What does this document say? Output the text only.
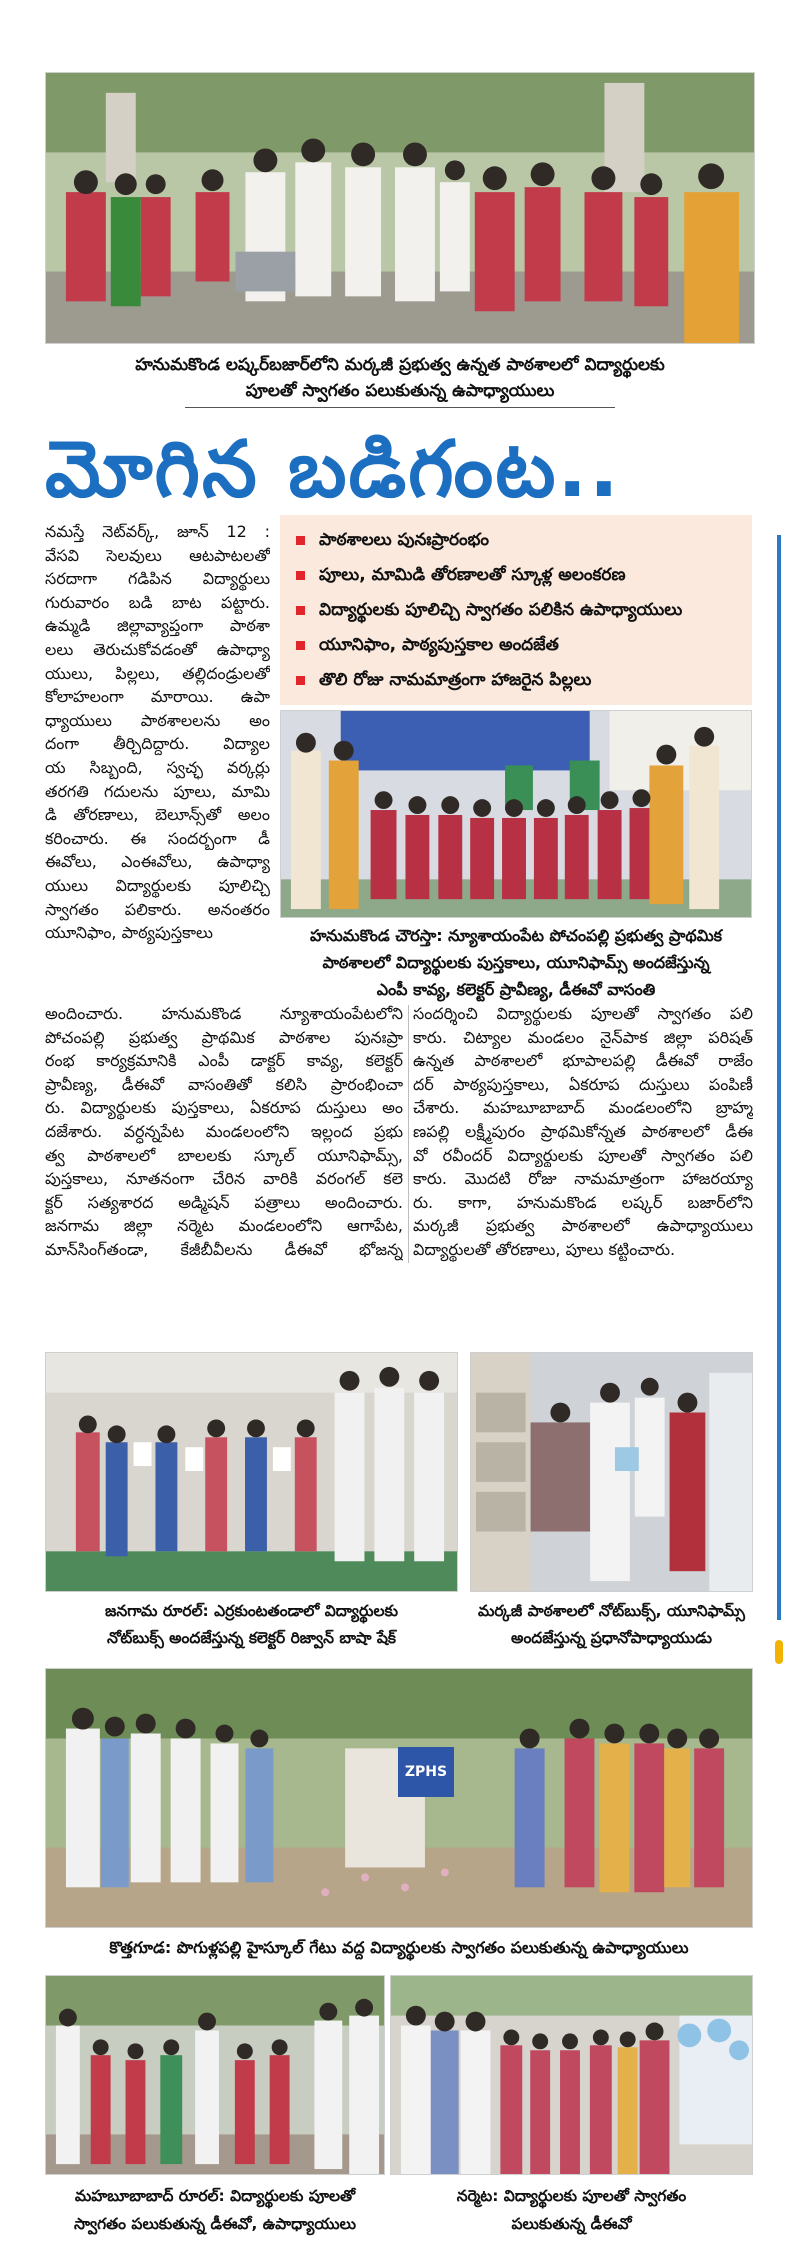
హనుమకొండ లష్కర్‌బజార్‌లోని మర్కజీ ప్రభుత్వ ఉన్నత పాఠశాలలో విద్యార్థులకు
పూలతో స్వాగతం పలుకుతున్న ఉపాధ్యాయులు
మోగిన బడిగంట..
నమస్తే నెట్‌వర్క్‌, జూన్‌ 12 :
వేసవి సెలవులు ఆటపాటలతో
సరదాగా గడిపిన విద్యార్థులు
గురువారం బడి బాట పట్టారు.
ఉమ్మడి జిల్లావ్యాప్తంగా పాఠశా
లలు తెరుచుకోవడంతో ఉపాధ్యా
యులు, పిల్లలు, తల్లిదండ్రులతో
కోలాహలంగా మారాయి. ఉపా
ధ్యాయులు పాఠశాలలను అం
దంగా తీర్చిదిద్దారు. విద్యాల
య సిబ్బంది, స్వచ్ఛ వర్కర్లు
తరగతి గదులను పూలు, మామి
డి తోరణాలు, బెలూన్స్‌తో అలం
కరించారు. ఈ సందర్భంగా డీ
ఈవోలు, ఎంఈవోలు, ఉపాధ్యా
యులు విద్యార్థులకు పూలిచ్చి
స్వాగతం పలికారు. అనంతరం
యూనిఫాం, పాఠ్యపుస్తకాలు
పాఠశాలలు పునఃప్రారంభం
పూలు, మామిడి తోరణాలతో స్కూళ్ల అలంకరణ
విద్యార్థులకు పూలిచ్చి స్వాగతం పలికిన ఉపాధ్యాయులు
యూనిఫాం, పాఠ్యపుస్తకాల అందజేత
తొలి రోజు నామమాత్రంగా హాజరైన పిల్లలు
హనుమకొండ చౌరస్తా: న్యూశాయంపేట పోచంపల్లి ప్రభుత్వ ప్రాథమిక
పాఠశాలలో విద్యార్థులకు పుస్తకాలు, యూనిఫామ్స్‌ అందజేస్తున్న
ఎంపీ కావ్య, కలెక్టర్‌ ప్రావీణ్య, డీఈవో వాసంతి
అందించారు. హనుమకొండ న్యూశాయంపేటలోని
పోచంపల్లి ప్రభుత్వ ప్రాథమిక పాఠశాల పునఃప్రా
రంభ కార్యక్రమానికి ఎంపీ డాక్టర్‌ కావ్య, కలెక్టర్‌
ప్రావీణ్య, డీఈవో వాసంతితో కలిసి ప్రారంభించా
రు. విద్యార్థులకు పుస్తకాలు, ఏకరూప దుస్తులు అం
దజేశారు. వర్ధన్నపేట మండలంలోని ఇల్లంద ప్రభు
త్వ పాఠశాలలో బాలలకు స్కూల్‌ యూనిఫామ్స్‌,
పుస్తకాలు, నూతనంగా చేరిన వారికి వరంగల్‌ కలె
క్టర్‌ సత్యశారద అడ్మిషన్‌ పత్రాలు అందించారు.
జనగామ జిల్లా నర్మెట మండలంలోని ఆగాపేట,
మాన్‌సింగ్‌తండా, కేజీబీవీలను డీఈవో భోజన్న
సందర్శించి విద్యార్థులకు పూలతో స్వాగతం పలి
కారు. చిట్యాల మండలం నైన్‌పాక జిల్లా పరిషత్‌
ఉన్నత పాఠశాలలో భూపాలపల్లి డీఈవో రాజేం
దర్‌ పాఠ్యపుస్తకాలు, ఏకరూప దుస్తులు పంపిణీ
చేశారు. మహబూబాబాద్‌ మండలంలోని బ్రాహ్మ
ణపల్లి లక్ష్మీపురం ప్రాథమికోన్నత పాఠశాలలో డీఈ
వో రవీందర్‌ విద్యార్థులకు పూలతో స్వాగతం పలి
కారు. మొదటి రోజు నామమాత్రంగా హాజరయ్యా
రు. కాగా, హనుమకొండ లష్కర్‌ బజార్‌లోని
మర్కజీ ప్రభుత్వ పాఠశాలలో ఉపాధ్యాయులు
విద్యార్థులతో తోరణాలు, పూలు కట్టించారు.
జనగామ రూరల్‌: ఎర్రకుంటతండాలో విద్యార్థులకు
నోట్‌బుక్స్‌ అందజేస్తున్న కలెక్టర్‌ రిజ్వాన్‌ బాషా షేక్‌
మర్కజీ పాఠశాలలో నోట్‌బుక్స్‌, యూనిఫామ్స్‌
అందజేస్తున్న ప్రధానోపాధ్యాయుడు
ZPHS
కొత్తగూడ: పొగుళ్లపల్లి హైస్కూల్‌ గేటు వద్ద విద్యార్థులకు స్వాగతం పలుకుతున్న ఉపాధ్యాయులు
మహబూబాబాద్‌ రూరల్‌: విద్యార్థులకు పూలతో
స్వాగతం పలుకుతున్న డీఈవో, ఉపాధ్యాయులు
నర్మెట: విద్యార్థులకు పూలతో స్వాగతం
పలుకుతున్న డీఈవో
